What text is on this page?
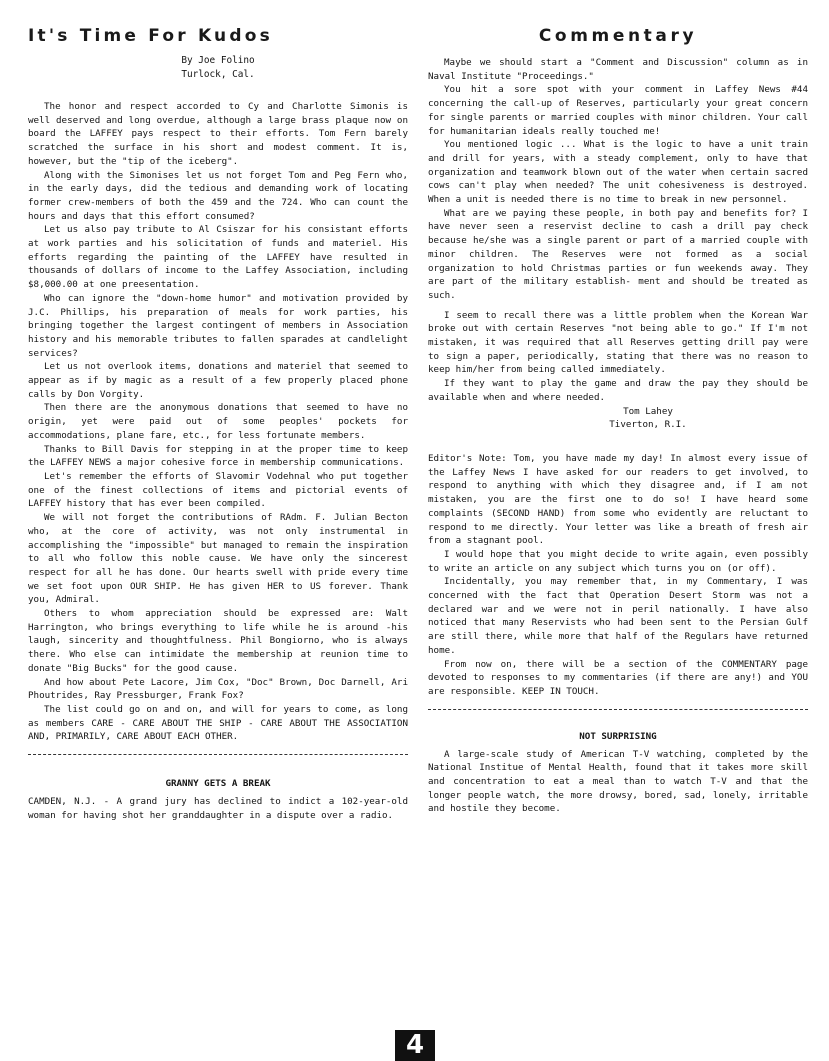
It's Time For Kudos
By Joe Folino
Turlock, Cal.

The honor and respect accorded to Cy and Charlotte Simonis is well deserved and long overdue, although a large brass plaque now on board the LAFFEY pays respect to their efforts. Tom Fern barely scratched the surface in his short and modest comment. It is, however, but the "tip of the iceberg".

Along with the Simonises let us not forget Tom and Peg Fern who, in the early days, did the tedious and demanding work of locating former crew-members of both the 459 and the 724. Who can count the hours and days that this effort consumed?

Let us also pay tribute to Al Csiszar for his consistant efforts at work parties and his solicitation of funds and materiel. His efforts regarding the painting of the LAFFEY have resulted in thousands of dollars of income to the Laffey Association, including $8,000.00 at one preesentation.

Who can ignore the "down-home humor" and motivation provided by J.C. Phillips, his preparation of meals for work parties, his bringing together the largest contingent of members in Association history and his memorable tributes to fallen sparades at candlelight services?

Let us not overlook items, donations and materiel that seemed to appear as if by magic as a result of a few properly placed phone calls by Don Vorgity.

Then there are the anonymous donations that seemed to have no origin, yet were paid out of some peoples' pockets for accommodations, plane fare, etc., for less fortunate members.

Thanks to Bill Davis for stepping in at the proper time to keep the LAFFEY NEWS a major cohesive force in membership communications.

Let's remember the efforts of Slavomir Vodehnal who put together one of the finest collections of items and pictorial events of LAFFEY history that has ever been compiled.

We will not forget the contributions of RAdm. F. Julian Becton who, at the core of activity, was not only instrumental in accomplishing the "impossible" but managed to remain the inspiration to all who follow this noble cause. We have only the sincerest respect for all he has done. Our hearts swell with pride every time we set foot upon OUR SHIP. He has given HER to US forever. Thank you, Admiral.

Others to whom appreciation should be expressed are: Walt Harrington, who brings everything to life while he is around -his laugh, sincerity and thoughtfulness. Phil Bongiorno, who is always there. Who else can intimidate the membership at reunion time to donate "Big Bucks" for the good cause.

And how about Pete Lacore, Jim Cox, "Doc" Brown, Doc Darnell, Ari Phoutrides, Ray Pressburger, Frank Fox?

The list could go on and on, and will for years to come, as long as members CARE - CARE ABOUT THE SHIP - CARE ABOUT THE ASSOCIATION AND, PRIMARILY, CARE ABOUT EACH OTHER.

GRANNY GETS A BREAK

CAMDEN, N.J. - A grand jury has declined to indict a 102-year-old woman for having shot her granddaughter in a dispute over a radio.

Commentary

Maybe we should start a "Comment and Discussion" column as in Naval Institute "Proceedings."

You hit a sore spot with your comment in Laffey News #44 concerning the call-up of Reserves, particularly your great concern for single parents or married couples with minor children. Your call for humanitarian ideals really touched me!

You mentioned logic ... What is the logic to have a unit train and drill for years, with a steady complement, only to have that organization and teamwork blown out of the water when certain sacred cows can't play when needed? The unit cohesiveness is destroyed. When a unit is needed there is no time to break in new personnel.

What are we paying these people, in both pay and benefits for? I have never seen a reservist decline to cash a drill pay check because he/she was a single parent or part of a married couple with minor children. The Reserves were not formed as a social organization to hold Christmas parties or fun weekends away. They are part of the military establish- ment and should be treated as such.

I seem to recall there was a little problem when the Korean War broke out with certain Reserves "not being able to go." If I'm not mistaken, it was required that all Reserves getting drill pay were to sign a paper, periodically, stating that there was no reason to keep him/her from being called immediately.

If they want to play the game and draw the pay they should be available when and where needed.

Tom Lahey
Tiverton, R.I.

Editor's Note: Tom, you have made my day! In almost every issue of the Laffey News I have asked for our readers to get involved, to respond to anything with which they disagree and, if I am not mistaken, you are the first one to do so! I have heard some complaints (SECOND HAND) from some who evidently are reluctant to respond to me directly. Your letter was like a breath of fresh air from a stagnant pool.

I would hope that you might decide to write again, even possibly to write an article on any subject which turns you on (or off).

Incidentally, you may remember that, in my Commentary, I was concerned with the fact that Operation Desert Storm was not a declared war and we were not in peril nationally. I have also noticed that many Reservists who had been sent to the Persian Gulf are still there, while more that half of the Regulars have returned home.

From now on, there will be a section of the COMMENTARY page devoted to responses to my commentaries (if there are any!) and YOU are responsible. KEEP IN TOUCH.

NOT SURPRISING

A large-scale study of American T-V watching, completed by the National Institue of Mental Health, found that it takes more skill and concentration to eat a meal than to watch T-V and that the longer people watch, the more drowsy, bored, sad, lonely, irritable and hostile they become.

4
